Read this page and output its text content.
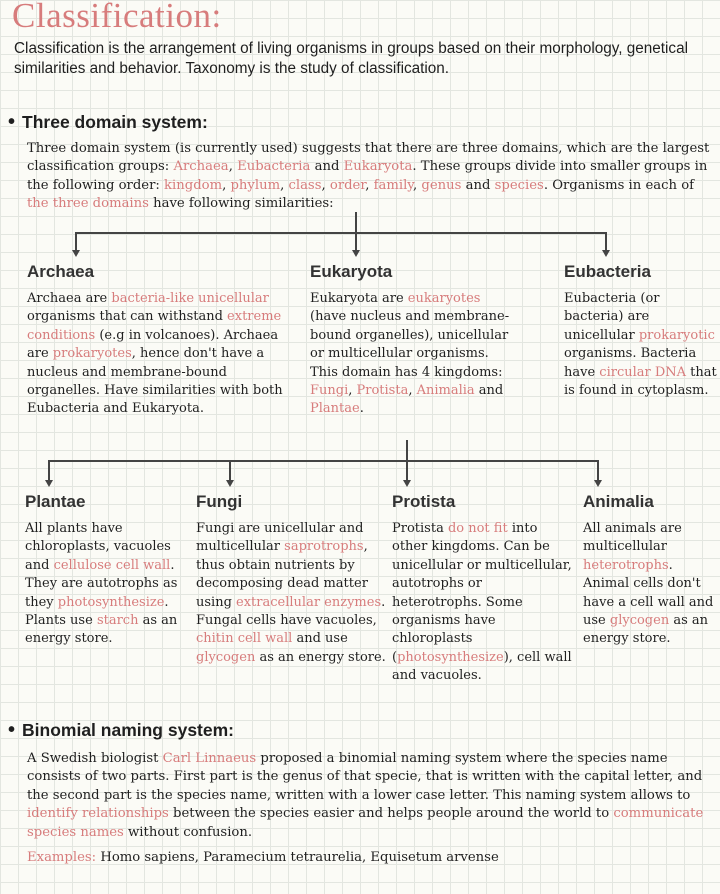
Classification:
Classification is the arrangement of living organisms in groups based on their morphology, genetical similarities and behavior. Taxonomy is the study of classification.
• Three domain system:
Three domain system (is currently used) suggests that there are three domains, which are the largest classification groups: Archaea, Eubacteria and Eukaryota. These groups divide into smaller groups in the following order: kingdom, phylum, class, order, family, genus and species. Organisms in each of the three domains have following similarities:
Archaea
Archaea are bacteria-like unicellular organisms that can withstand extreme conditions (e.g in volcanoes). Archaea are prokaryotes, hence don't have a nucleus and membrane-bound organelles. Have similarities with both Eubacteria and Eukaryota.
Eukaryota
Eukaryota are eukaryotes (have nucleus and membrane-bound organelles), unicellular or multicellular organisms. This domain has 4 kingdoms: Fungi, Protista, Animalia and Plantae.
Eubacteria
Eubacteria (or bacteria) are unicellular prokaryotic organisms. Bacteria have circular DNA that is found in cytoplasm.
Plantae
All plants have chloroplasts, vacuoles and cellulose cell wall. They are autotrophs as they photosynthesize. Plants use starch as an energy store.
Fungi
Fungi are unicellular and multicellular saprotrophs, thus obtain nutrients by decomposing dead matter using extracellular enzymes. Fungal cells have vacuoles, chitin cell wall and use glycogen as an energy store.
Protista
Protista do not fit into other kingdoms. Can be unicellular or multicellular, autotrophs or heterotrophs. Some organisms have chloroplasts (photosynthesize), cell wall and vacuoles.
Animalia
All animals are multicellular heterotrophs. Animal cells don't have a cell wall and use glycogen as an energy store.
• Binomial naming system:
A Swedish biologist Carl Linnaeus proposed a binomial naming system where the species name consists of two parts. First part is the genus of that specie, that is written with the capital letter, and the second part is the species name, written with a lower case letter. This naming system allows to identify relationships between the species easier and helps people around the world to communicate species names without confusion.
Examples: Homo sapiens, Paramecium tetraurelia, Equisetum arvense
